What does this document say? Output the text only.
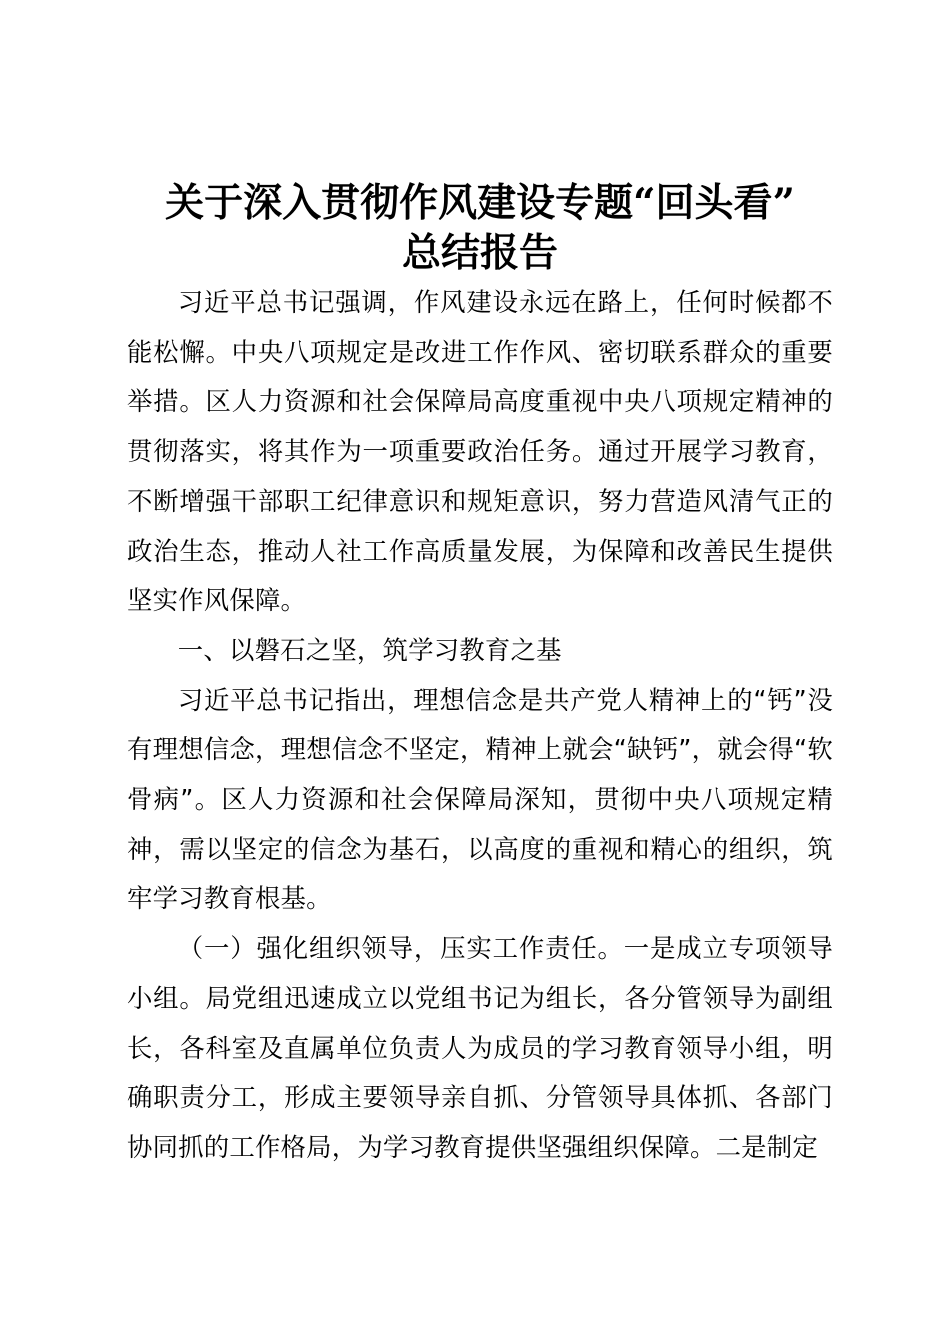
关于深入贯彻作风建设专题“回头看”
总结报告

习近平总书记强调，作风建设永远在路上，任何时候都不能松懈。中央八项规定是改进工作作风、密切联系群众的重要举措。区人力资源和社会保障局高度重视中央八项规定精神的贯彻落实，将其作为一项重要政治任务。通过开展学习教育，不断增强干部职工纪律意识和规矩意识，努力营造风清气正的政治生态，推动人社工作高质量发展，为保障和改善民生提供坚实作风保障。

一、以磐石之坚，筑学习教育之基

习近平总书记指出，理想信念是共产党人精神上的“钙”没有理想信念，理想信念不坚定，精神上就会“缺钙”，就会得“软骨病”。区人力资源和社会保障局深知，贯彻中央八项规定精神，需以坚定的信念为基石，以高度的重视和精心的组织，筑牢学习教育根基。

（一）强化组织领导，压实工作责任。一是成立专项领导小组。局党组迅速成立以党组书记为组长，各分管领导为副组长，各科室及直属单位负责人为成员的学习教育领导小组，明确职责分工，形成主要领导亲自抓、分管领导具体抓、各部门协同抓的工作格局，为学习教育提供坚强组织保障。二是制定
